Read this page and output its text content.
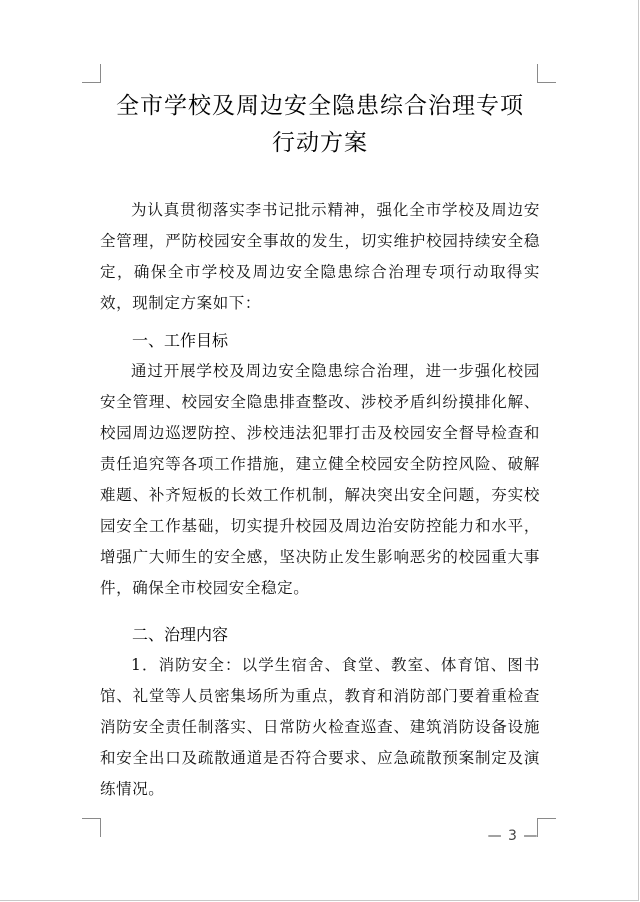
全市学校及周边安全隐患综合治理专项
行动方案
为认真贯彻落实李书记批示精神，强化全市学校及周边安全管理，严防校园安全事故的发生，切实维护校园持续安全稳定，确保全市学校及周边安全隐患综合治理专项行动取得实效，现制定方案如下：
一、工作目标
通过开展学校及周边安全隐患综合治理，进一步强化校园安全管理、校园安全隐患排查整改、涉校矛盾纠纷摸排化解、校园周边巡逻防控、涉校违法犯罪打击及校园安全督导检查和责任追究等各项工作措施，建立健全校园安全防控风险、破解难题、补齐短板的长效工作机制，解决突出安全问题，夯实校园安全工作基础，切实提升校园及周边治安防控能力和水平，增强广大师生的安全感，坚决防止发生影响恶劣的校园重大事件，确保全市校园安全稳定。
二、治理内容
1．消防安全：以学生宿舍、食堂、教室、体育馆、图书馆、礼堂等人员密集场所为重点，教育和消防部门要着重检查消防安全责任制落实、日常防火检查巡查、建筑消防设备设施和安全出口及疏散通道是否符合要求、应急疏散预案制定及演练情况。
— 3 —
